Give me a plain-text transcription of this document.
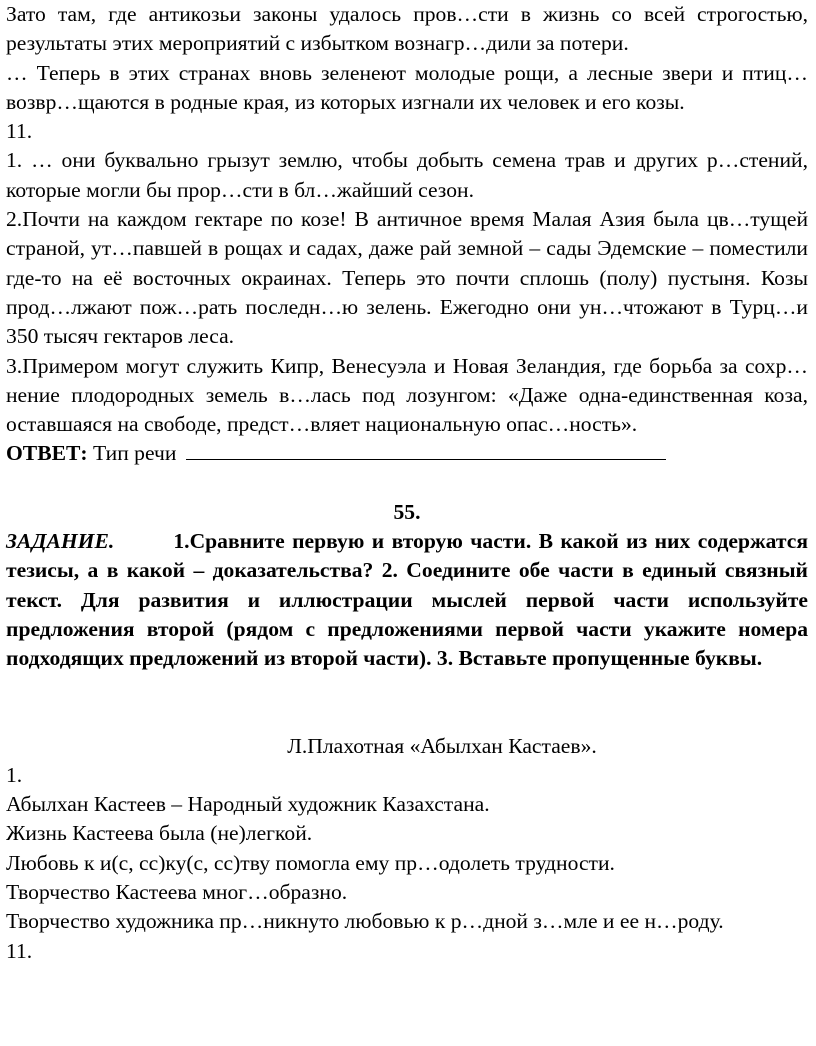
Зато там, где антикозьи законы удалось пров…сти в жизнь со всей строгостью, результаты этих мероприятий с избытком вознагр…дили за потери.

… Теперь в этих странах вновь зеленеют молодые рощи, а лесные звери и птиц… возвр…щаются в родные края, из которых изгнали их человек и его козы.

11.

1. … они буквально грызут землю, чтобы добыть семена трав и других р…стений, которые могли бы прор…сти в бл…жайший сезон.

2.Почти на каждом гектаре по козе! В античное время Малая Азия была цв…тущей страной, ут…павшей в рощах и садах, даже рай земной – сады Эдемские – поместили где-то на её восточных окраинах. Теперь это почти сплошь (полу) пустыня. Козы прод…лжают пож…рать последн…ю зелень. Ежегодно они ун…чтожают в Турц…и 350 тысяч гектаров леса.

3.Примером могут служить Кипр, Венесуэла и Новая Зеландия, где борьба за сохр…нение плодородных земель в…лась под лозунгом: «Даже одна-единственная коза, оставшаяся на свободе, предст…вляет национальную опас…ность».

ОТВЕТ: Тип речи

55.

ЗАДАНИЕ.	1.Сравните первую и вторую части. В какой из них содержатся тезисы, а в какой – доказательства? 2. Соедините обе части в единый связный текст. Для развития и иллюстрации мыслей первой части используйте предложения второй (рядом с предложениями первой части укажите номера подходящих предложений из второй части). 3. Вставьте пропущенные буквы.

Л.Плахотная «Абылхан Кастаев».

1.

Абылхан Кастеев – Народный художник Казахстана.

Жизнь Кастеева была (не)легкой.

Любовь к и(с, сс)ку(с, сс)тву помогла ему пр…одолеть трудности.

Творчество Кастеева мног…образно.

Творчество художника пр…никнуто любовью к р…дной з…мле и ее н…роду.

11.
